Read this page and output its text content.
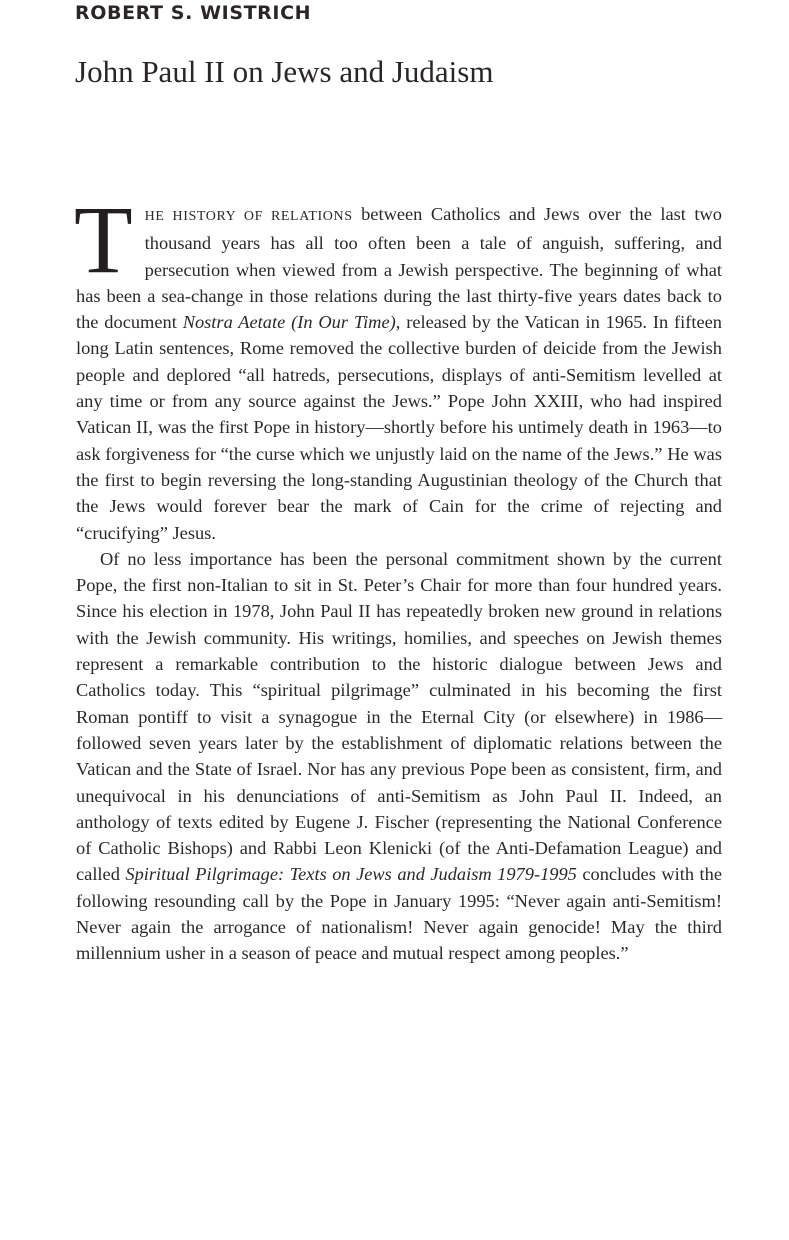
ROBERT S. WISTRICH
John Paul II on Jews and Judaism

THE HISTORY OF RELATIONS between Catholics and Jews over the last two thousand years has all too often been a tale of anguish, suffering, and persecution when viewed from a Jewish perspective. The beginning of what has been a sea-change in those relations during the last thirty-five years dates back to the document Nostra Aetate (In Our Time), released by the Vatican in 1965. In fifteen long Latin sentences, Rome removed the collective burden of deicide from the Jewish people and deplored “all hatreds, persecutions, displays of anti-Semitism levelled at any time or from any source against the Jews.” Pope John XXIII, who had inspired Vatican II, was the first Pope in history—shortly before his untimely death in 1963—to ask forgiveness for “the curse which we unjustly laid on the name of the Jews.” He was the first to begin reversing the long-standing Augustinian theology of the Church that the Jews would forever bear the mark of Cain for the crime of rejecting and “crucifying” Jesus.

Of no less importance has been the personal commitment shown by the current Pope, the first non-Italian to sit in St. Peter’s Chair for more than four hundred years. Since his election in 1978, John Paul II has repeatedly broken new ground in relations with the Jewish community. His writings, homilies, and speeches on Jewish themes represent a remarkable contribution to the historic dialogue between Jews and Catholics today. This “spiritual pilgrimage” culminated in his becoming the first Roman pontiff to visit a synagogue in the Eternal City (or elsewhere) in 1986—followed seven years later by the establishment of diplomatic relations between the Vatican and the State of Israel. Nor has any previous Pope been as consistent, firm, and unequivocal in his denunciations of anti-Semitism as John Paul II. Indeed, an anthology of texts edited by Eugene J. Fischer (representing the National Conference of Catholic Bishops) and Rabbi Leon Klenicki (of the Anti-Defamation League) and called Spiritual Pilgrimage: Texts on Jews and Judaism 1979-1995 concludes with the following resounding call by the Pope in January 1995: “Never again anti-Semitism! Never again the arrogance of nationalism! Never again genocide! May the third millennium usher in a season of peace and mutual respect among peoples.”
